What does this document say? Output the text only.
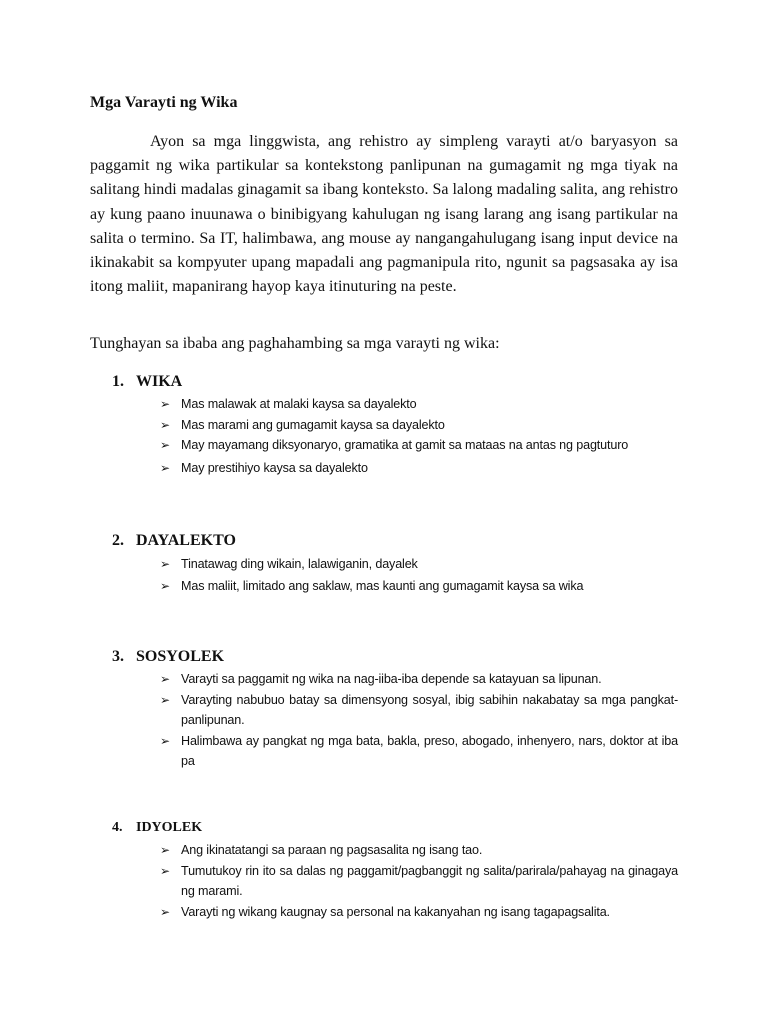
Mga Varayti ng Wika

Ayon sa mga linggwista, ang rehistro ay simpleng varayti at/o baryasyon sa paggamit ng wika partikular sa kontekstong panlipunan na gumagamit ng mga tiyak na salitang hindi madalas ginagamit sa ibang konteksto. Sa lalong madaling salita, ang rehistro ay kung paano inuunawa o binibigyang kahulugan ng isang larang ang isang partikular na salita o termino. Sa IT, halimbawa, ang mouse ay nangangahulugang isang input device na ikinakabit sa kompyuter upang mapadali ang pagmanipula rito, ngunit sa pagsasaka ay isa itong maliit, mapanirang hayop kaya itinuturing na peste.

Tunghayan sa ibaba ang paghahambing sa mga varayti ng wika:

1. WIKA
➢ Mas malawak at malaki kaysa sa dayalekto
➢ Mas marami ang gumagamit kaysa sa dayalekto
➢ May mayamang diksyonaryo, gramatika at gamit sa mataas na antas ng pagtuturo
➢ May prestihiyo kaysa sa dayalekto
2. DAYALEKTO
➢ Tinatawag ding wikain, lalawiganin, dayalek
➢ Mas maliit, limitado ang saklaw, mas kaunti ang gumagamit kaysa sa wika
3. SOSYOLEK
➢ Varayti sa paggamit ng wika na nag-iiba-iba depende sa katayuan sa lipunan.
➢ Varayting nabubuo batay sa dimensyong sosyal, ibig sabihin nakabatay sa mga pangkat-panlipunan.
➢ Halimbawa ay pangkat ng mga bata, bakla, preso, abogado, inhenyero, nars, doktor at iba pa
4. IDYOLEK
➢ Ang ikinatatangi sa paraan ng pagsasalita ng isang tao.
➢ Tumutukoy rin ito sa dalas ng paggamit/pagbanggit ng salita/parirala/pahayag na ginagaya ng marami.
➢ Varayti ng wikang kaugnay sa personal na kakanyahan ng isang tagapagsalita.
